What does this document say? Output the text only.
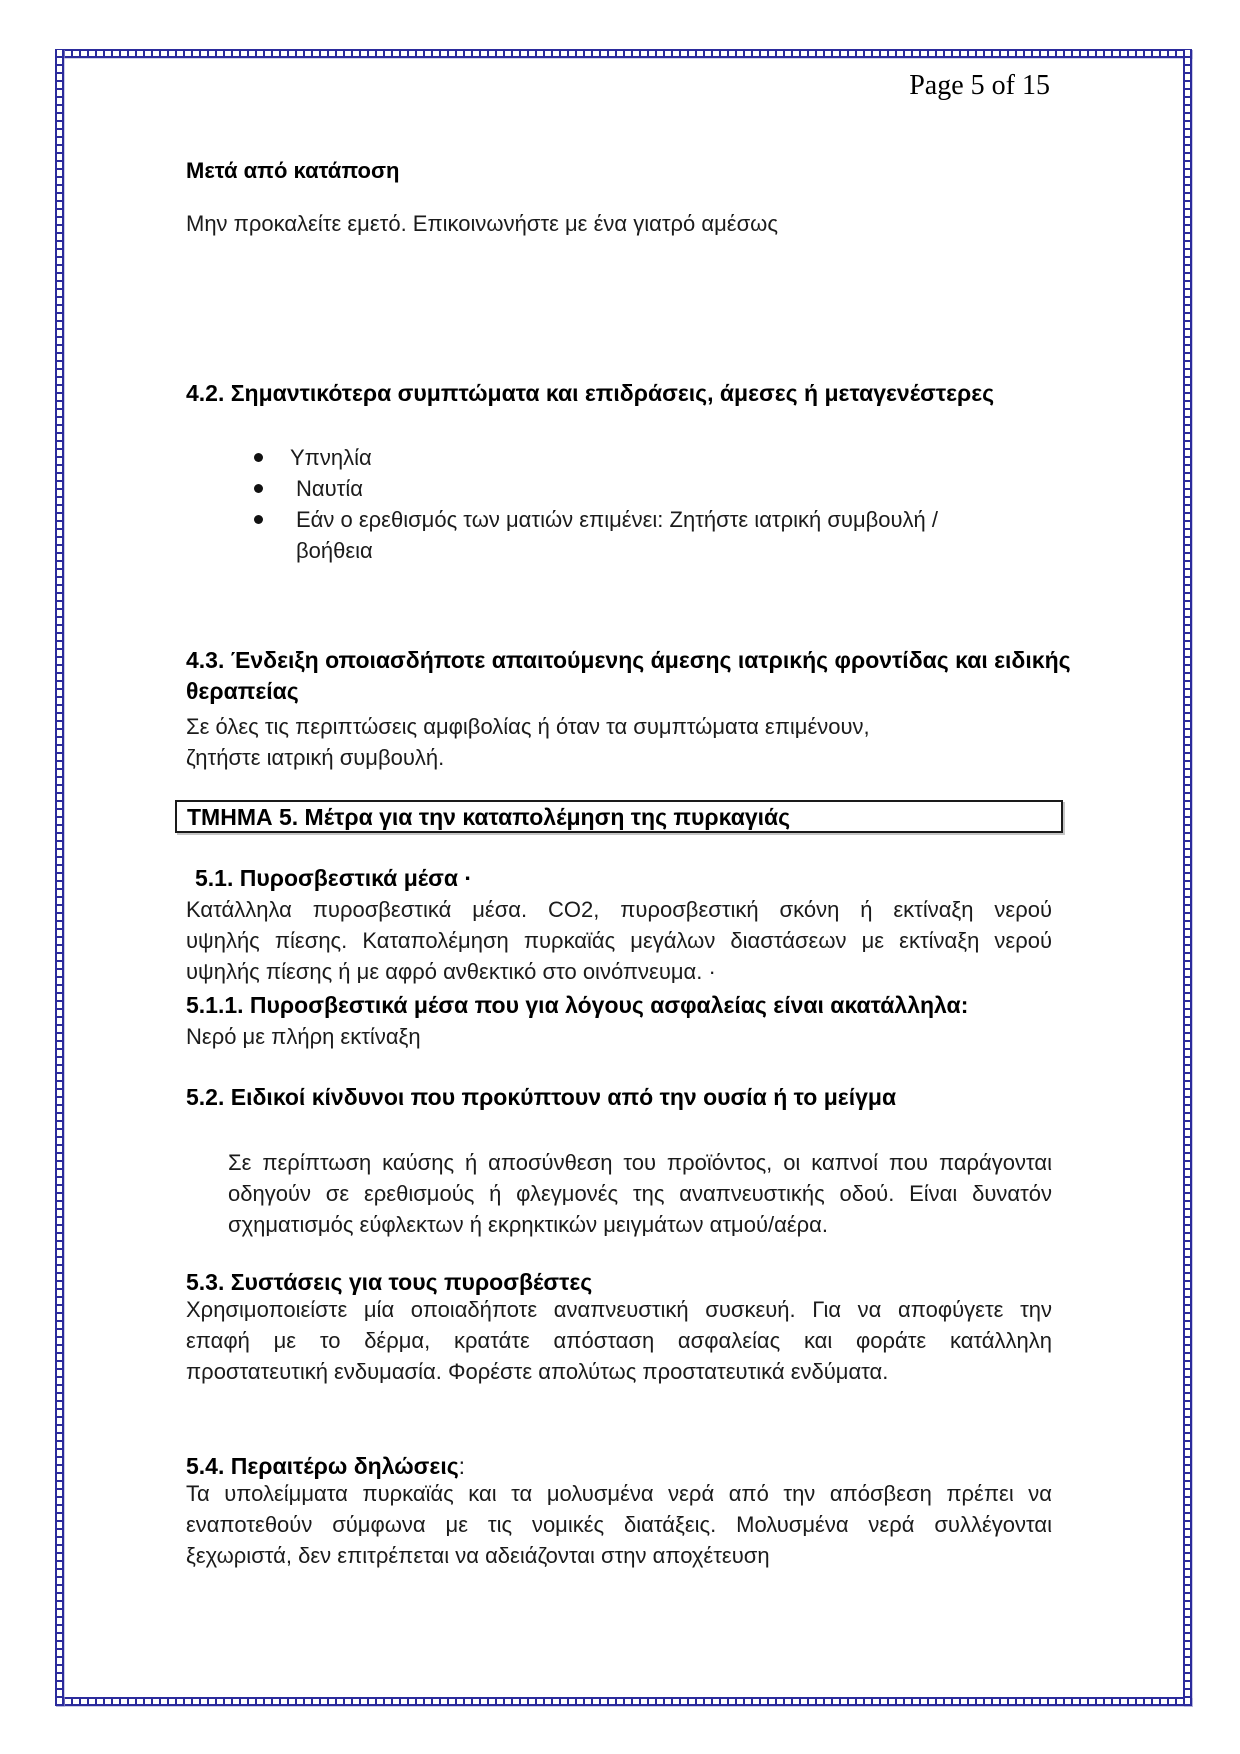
Page 5 of 15
Μετά από κατάποση
Μην προκαλείτε εμετό. Επικοινωνήστε με ένα γιατρό αμέσως
4.2. Σημαντικότερα συμπτώματα και επιδράσεις, άμεσες ή μεταγενέστερες
Υπνηλία
Ναυτία
Εάν ο ερεθισμός των ματιών επιμένει: Ζητήστε ιατρική συμβουλή /
βοήθεια
4.3. Ένδειξη οποιασδήποτε απαιτούμενης άμεσης ιατρικής φροντίδας και ειδικής
θεραπείας
Σε όλες τις περιπτώσεις αμφιβολίας ή όταν τα συμπτώματα επιμένουν,
ζητήστε ιατρική συμβουλή.
ΤΜΗΜΑ 5. Μέτρα για την καταπολέμηση της πυρκαγιάς
5.1. Πυροσβεστικά μέσα ·
Κατάλληλα πυροσβεστικά μέσα. CO2, πυροσβεστική σκόνη ή εκτίναξη νερού
υψηλής πίεσης. Καταπολέμηση πυρκαϊάς μεγάλων διαστάσεων με εκτίναξη νερού
υψηλής πίεσης ή με αφρό ανθεκτικό στο οινόπνευμα. ·
5.1.1. Πυροσβεστικά μέσα που για λόγους ασφαλείας είναι ακατάλληλα:
Νερό με πλήρη εκτίναξη
5.2. Ειδικοί κίνδυνοι που προκύπτουν από την ουσία ή το μείγμα
Σε περίπτωση καύσης ή αποσύνθεση του προϊόντος, οι καπνοί που παράγονται
οδηγούν σε ερεθισμούς ή φλεγμονές της αναπνευστικής οδού. Είναι δυνατόν
σχηματισμός εύφλεκτων ή εκρηκτικών μειγμάτων ατμού/αέρα.
5.3. Συστάσεις για τους πυροσβέστες
Χρησιμοποιείστε μία οποιαδήποτε αναπνευστική συσκευή. Για να αποφύγετε την
επαφή με το δέρμα, κρατάτε απόσταση ασφαλείας και φοράτε κατάλληλη
προστατευτική ενδυμασία. Φορέστε απολύτως προστατευτικά ενδύματα.
5.4. Περαιτέρω δηλώσεις:
Τα υπολείμματα πυρκαϊάς και τα μολυσμένα νερά από την απόσβεση πρέπει να
εναποτεθούν σύμφωνα με τις νομικές διατάξεις. Μολυσμένα νερά συλλέγονται
ξεχωριστά, δεν επιτρέπεται να αδειάζονται στην αποχέτευση
